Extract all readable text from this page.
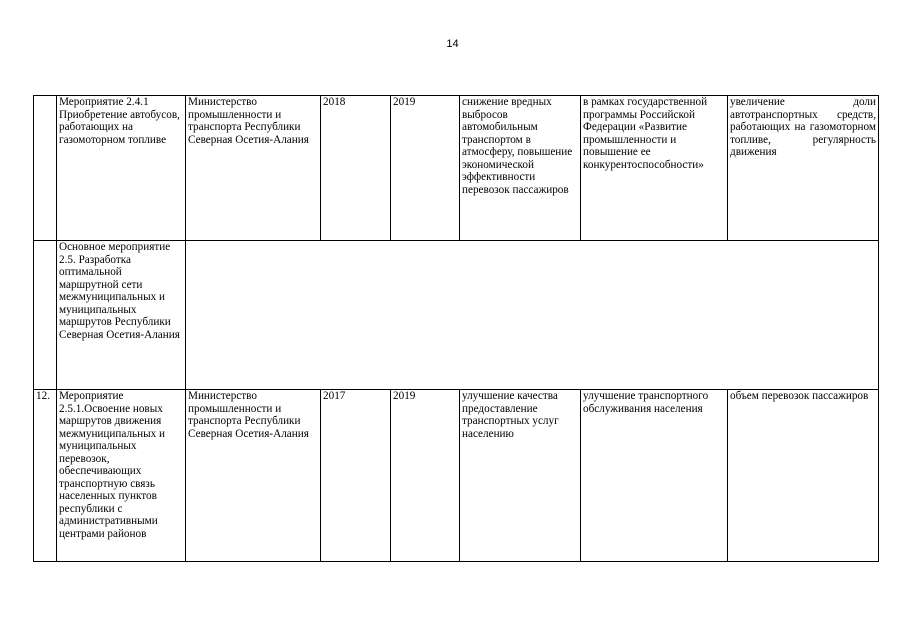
14
	Мероприятие 2.4.1 Приобретение автобусов, работающих на газомоторном топливе	Министерство промышленности и транспорта Республики Северная Осетия-Алания	2018	2019	снижение вредных выбросов автомобильным транспортом в атмосферу, повышение экономической эффективности перевозок пассажиров	в рамках государственной программы Российской Федерации «Развитие промышленности и повышение ее конкурентоспособности»	увеличение доли автотранспортных средств, работающих на газомоторном топливе, регулярность движения
	Основное мероприятие 2.5. Разработка оптимальной маршрутной сети межмуниципальных и муниципальных маршрутов Республики Северная Осетия-Алания						
12.	Мероприятие 2.5.1.Освоение новых маршрутов движения межмуниципальных и муниципальных перевозок, обеспечивающих транспортную связь населенных пунктов республики с административными центрами районов	Министерство промышленности и транспорта Республики Северная Осетия-Алания	2017	2019	улучшение качества предоставление транспортных услуг населению	улучшение транспортного обслуживания населения	объем перевозок пассажиров
